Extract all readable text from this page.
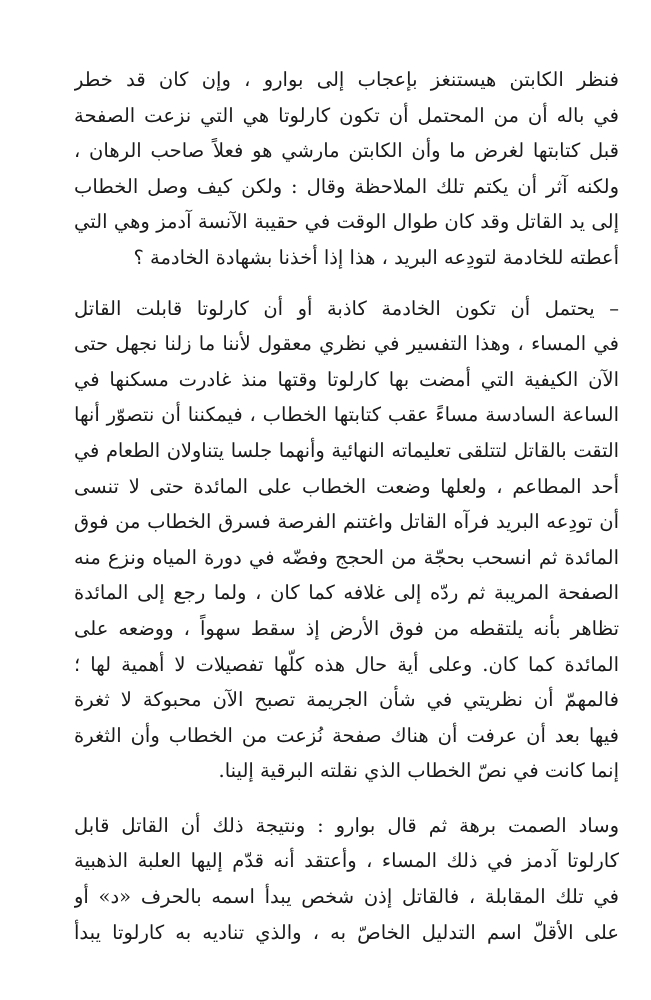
فنظر الكابتن هيستنغز بإعجاب إلى بوارو ، وإن كان قد خطر
في باله أن من المحتمل أن تكون كارلوتا هي التي نزعت الصفحة
قبل كتابتها لغرض ما وأن الكابتن مارشي هو فعلاً صاحب الرهان ،
ولكنه آثر أن يكتم تلك الملاحظة وقال : ولكن كيف وصل الخطاب
إلى يد القاتل وقد كان طوال الوقت في حقيبة الآنسة آدمز وهي التي
أعطته للخادمة لتودِعه البريد ، هذا إذا أخذنا بشهادة الخادمة ؟
– يحتمل أن تكون الخادمة كاذبة أو أن كارلوتا قابلت القاتل
في المساء ، وهذا التفسير في نظري معقول لأننا ما زلنا نجهل حتى
الآن الكيفية التي أمضت بها كارلوتا وقتها منذ غادرت مسكنها في
الساعة السادسة مساءً عقب كتابتها الخطاب ، فيمكننا أن نتصوّر أنها
التقت بالقاتل لتتلقى تعليماته النهائية وأنهما جلسا يتناولان الطعام في
أحد المطاعم ، ولعلها وضعت الخطاب على المائدة حتى لا تنسى
أن تودِعه البريد فرآه القاتل واغتنم الفرصة فسرق الخطاب من فوق
المائدة ثم انسحب بحجّة من الحجج وفضّه في دورة المياه ونزع منه
الصفحة المريبة ثم ردّه إلى غلافه كما كان ، ولما رجع إلى المائدة
تظاهر بأنه يلتقطه من فوق الأرض إذ سقط سهواً ، ووضعه على
المائدة كما كان. وعلى أية حال هذه كلّها تفصيلات لا أهمية لها ؛
فالمهمّ أن نظريتي في شأن الجريمة تصبح الآن محبوكة لا ثغرة
فيها بعد أن عرفت أن هناك صفحة نُزعت من الخطاب وأن الثغرة
إنما كانت في نصّ الخطاب الذي نقلته البرقية إلينا.
وساد الصمت برهة ثم قال بوارو : ونتيجة ذلك أن القاتل قابل
كارلوتا آدمز في ذلك المساء ، وأعتقد أنه قدّم إليها العلبة الذهبية
في تلك المقابلة ، فالقاتل إذن شخص يبدأ اسمه بالحرف «د» أو
على الأقلّ اسم التدليل الخاصّ به ، والذي تناديه به كارلوتا يبدأ
